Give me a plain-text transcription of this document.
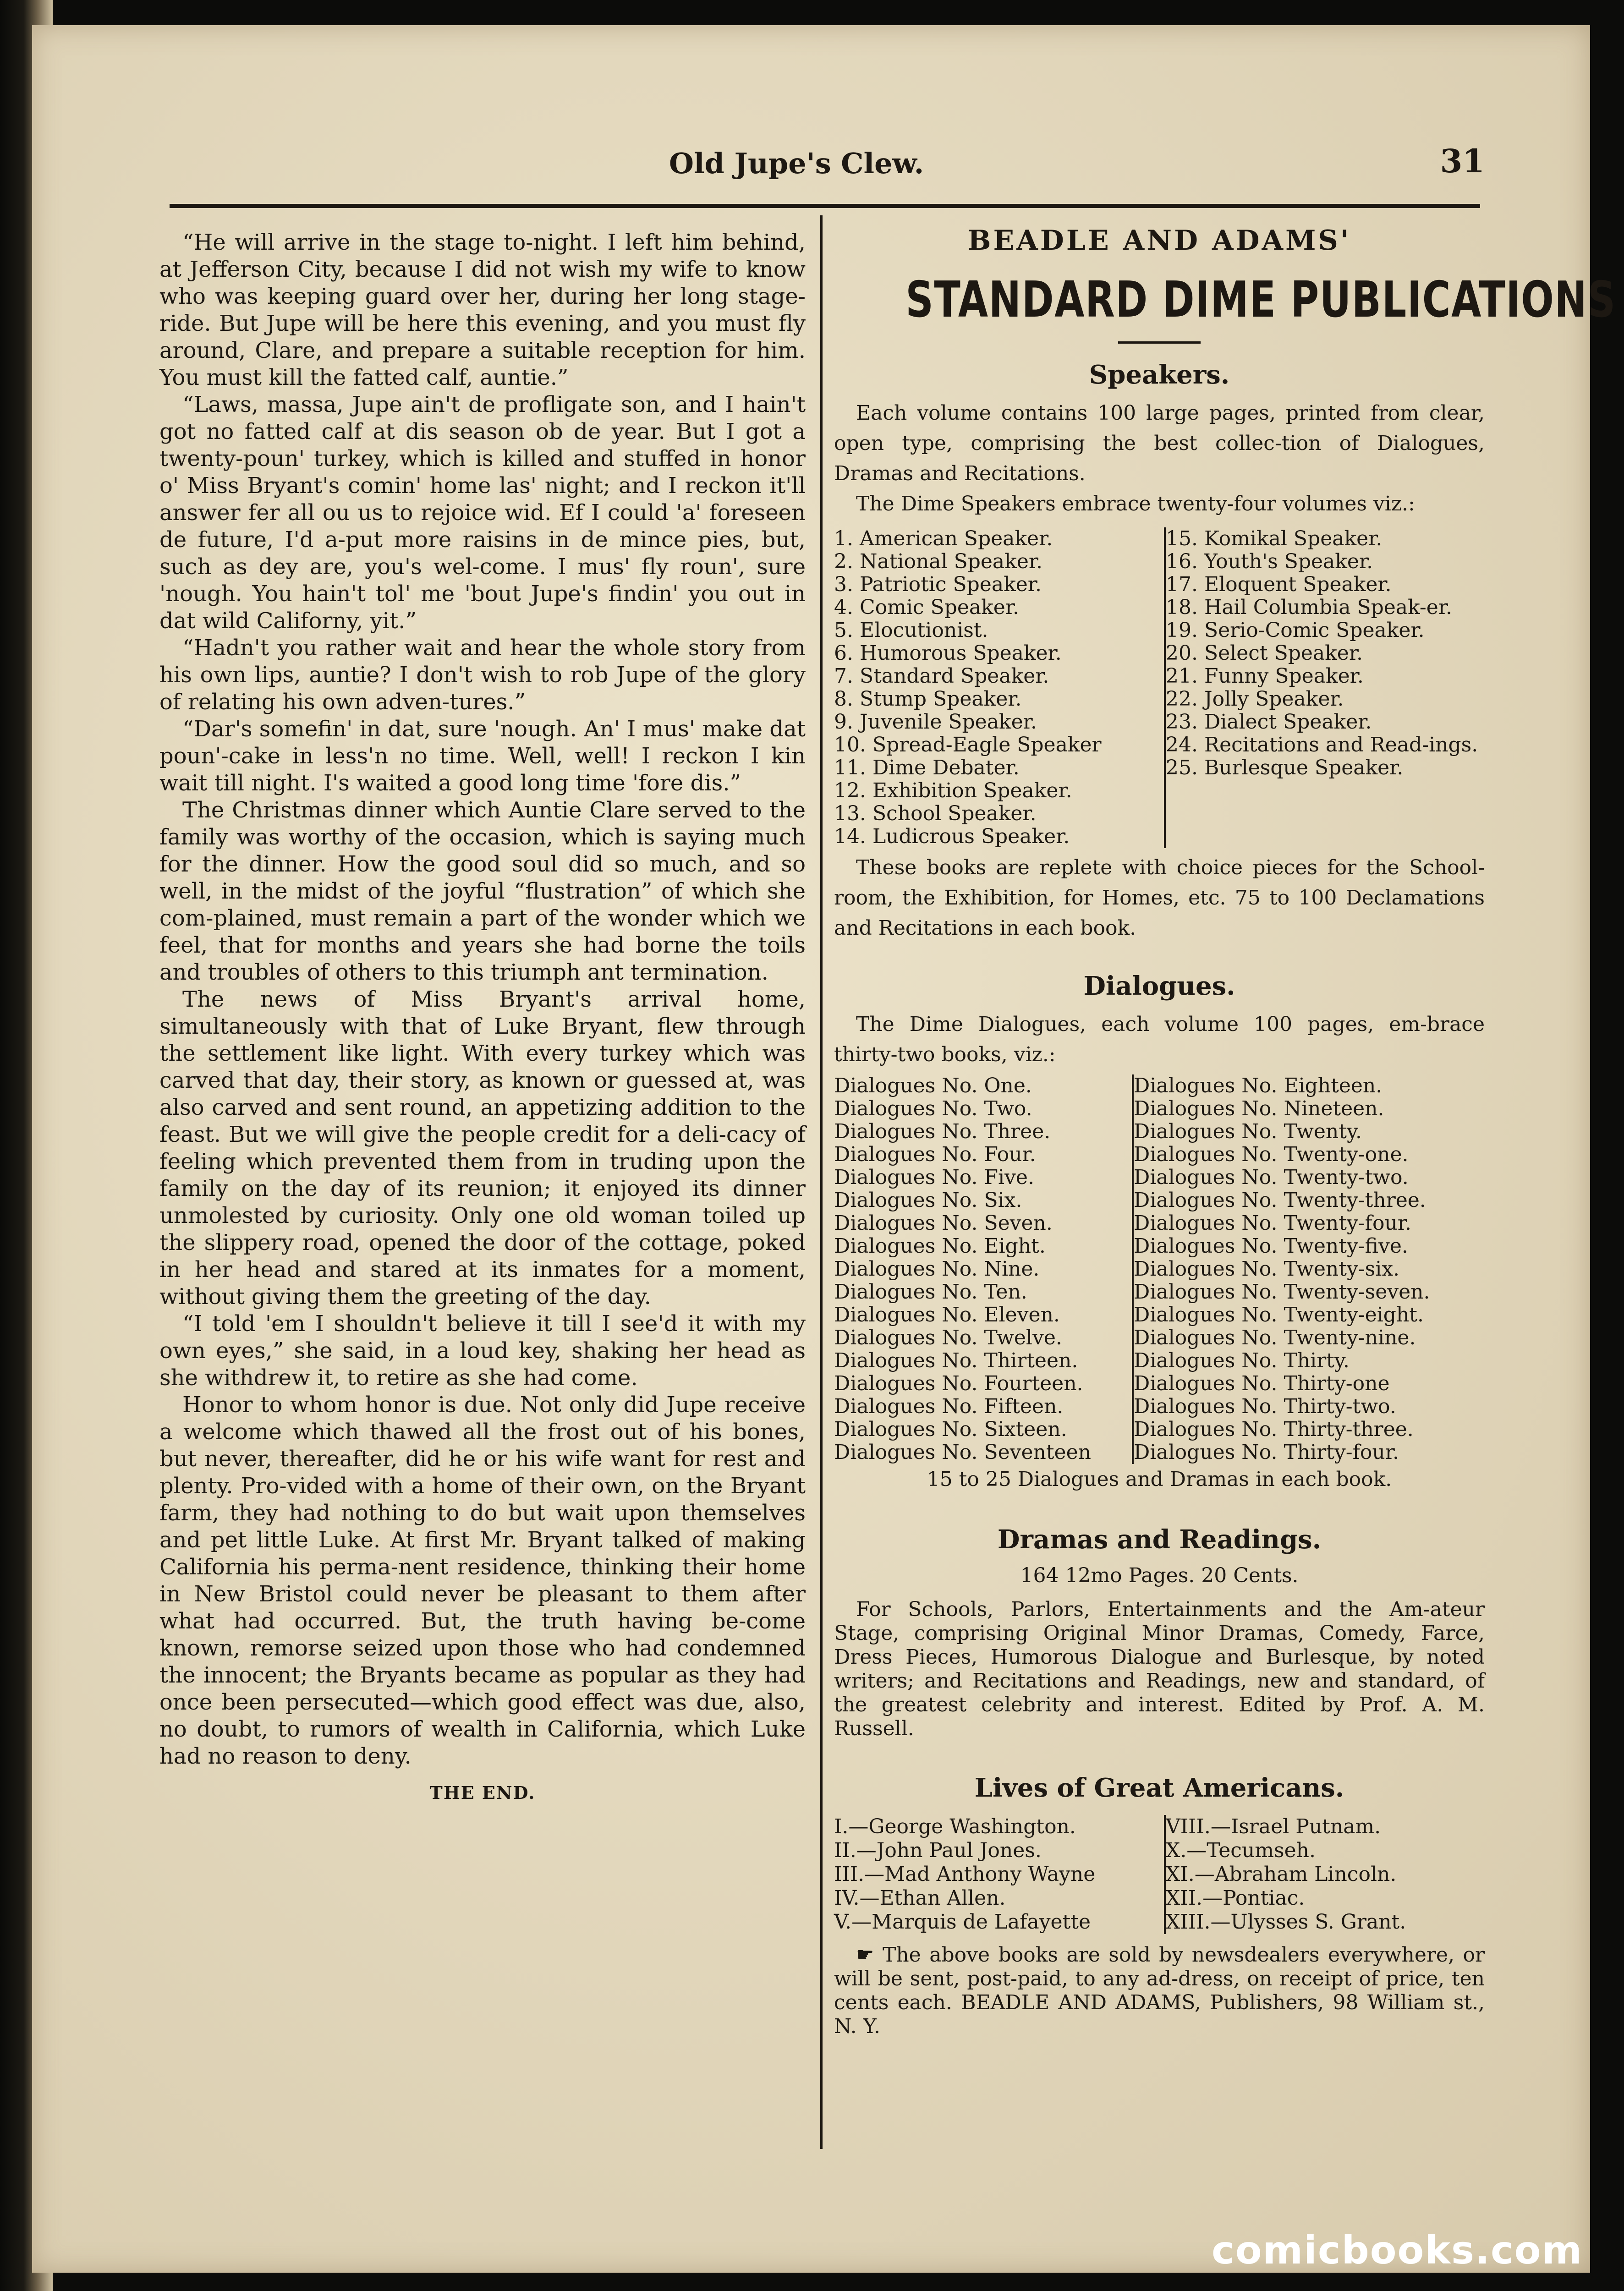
Old Jupe's Clew.	31

“He will arrive in the stage to-night. I left him behind, at Jefferson City, because I did not wish my wife to know who was keeping guard over her, during her long stage-ride. But Jupe will be here this evening, and you must fly around, Clare, and prepare a suitable reception for him. You must kill the fatted calf, auntie.”

“Laws, massa, Jupe ain't de profligate son, and I hain't got no fatted calf at dis season ob de year. But I got a twenty-poun' turkey, which is killed and stuffed in honor o' Miss Bryant's comin' home las' night; and I reckon it'll answer fer all ou us to rejoice wid. Ef I could 'a' foreseen de future, I'd a-put more raisins in de mince pies, but, such as dey are, you's wel-come. I mus' fly roun', sure 'nough. You hain't tol' me 'bout Jupe's findin' you out in dat wild Californy, yit.”

“Hadn't you rather wait and hear the whole story from his own lips, auntie? I don't wish to rob Jupe of the glory of relating his own adven-tures.”

“Dar's somefin' in dat, sure 'nough. An' I mus' make dat poun'-cake in less'n no time. Well, well! I reckon I kin wait till night. I's waited a good long time 'fore dis.”

The Christmas dinner which Auntie Clare served to the family was worthy of the occasion, which is saying much for the dinner. How the good soul did so much, and so well, in the midst of the joyful “flustration” of which she com-plained, must remain a part of the wonder which we feel, that for months and years she had borne the toils and troubles of others to this triumph ant termination.

The news of Miss Bryant's arrival home, simultaneously with that of Luke Bryant, flew through the settlement like light. With every turkey which was carved that day, their story, as known or guessed at, was also carved and sent round, an appetizing addition to the feast. But we will give the people credit for a deli-cacy of feeling which prevented them from in truding upon the family on the day of its reunion; it enjoyed its dinner unmolested by curiosity. Only one old woman toiled up the slippery road, opened the door of the cottage, poked in her head and stared at its inmates for a moment, without giving them the greeting of the day.

“I told 'em I shouldn't believe it till I see'd it with my own eyes,” she said, in a loud key, shaking her head as she withdrew it, to retire as she had come.

Honor to whom honor is due. Not only did Jupe receive a welcome which thawed all the frost out of his bones, but never, thereafter, did he or his wife want for rest and plenty. Pro-vided with a home of their own, on the Bryant farm, they had nothing to do but wait upon themselves and pet little Luke. At first Mr. Bryant talked of making California his perma-nent residence, thinking their home in New Bristol could never be pleasant to them after what had occurred. But, the truth having be-come known, remorse seized upon those who had condemned the innocent; the Bryants became as popular as they had once been persecuted—which good effect was due, also, no doubt, to rumors of wealth in California, which Luke had no reason to deny.

THE END.

BEADLE AND ADAMS'
STANDARD DIME PUBLICATIONS
Speakers.

Each volume contains 100 large pages, printed from clear, open type, comprising the best collec-tion of Dialogues, Dramas and Recitations.

The Dime Speakers embrace twenty-four volumes viz.:

1. American Speaker.
2. National Speaker.
3. Patriotic Speaker.
4. Comic Speaker.
5. Elocutionist.
6. Humorous Speaker.
7. Standard Speaker.
8. Stump Speaker.
9. Juvenile Speaker.
10. Spread-Eagle Speaker
11. Dime Debater.
12. Exhibition Speaker.
13. School Speaker.
14. Ludicrous Speaker.
15. Komikal Speaker.
16. Youth's Speaker.
17. Eloquent Speaker.
18. Hail Columbia Speak-er.
19. Serio-Comic Speaker.
20. Select Speaker.
21. Funny Speaker.
22. Jolly Speaker.
23. Dialect Speaker.
24. Recitations and Read-ings.
25. Burlesque Speaker.

These books are replete with choice pieces for the School-room, the Exhibition, for Homes, etc. 75 to 100 Declamations and Recitations in each book.

Dialogues.

The Dime Dialogues, each volume 100 pages, em-brace thirty-two books, viz.:

Dialogues No. One.
Dialogues No. Two.
Dialogues No. Three.
Dialogues No. Four.
Dialogues No. Five.
Dialogues No. Six.
Dialogues No. Seven.
Dialogues No. Eight.
Dialogues No. Nine.
Dialogues No. Ten.
Dialogues No. Eleven.
Dialogues No. Twelve.
Dialogues No. Thirteen.
Dialogues No. Fourteen.
Dialogues No. Fifteen.
Dialogues No. Sixteen.
Dialogues No. Seventeen
Dialogues No. Eighteen.
Dialogues No. Nineteen.
Dialogues No. Twenty.
Dialogues No. Twenty-one.
Dialogues No. Twenty-two.
Dialogues No. Twenty-three.
Dialogues No. Twenty-four.
Dialogues No. Twenty-five.
Dialogues No. Twenty-six.
Dialogues No. Twenty-seven.
Dialogues No. Twenty-eight.
Dialogues No. Twenty-nine.
Dialogues No. Thirty.
Dialogues No. Thirty-one
Dialogues No. Thirty-two.
Dialogues No. Thirty-three.
Dialogues No. Thirty-four.

15 to 25 Dialogues and Dramas in each book.

Dramas and Readings.

164 12mo Pages. 20 Cents.

For Schools, Parlors, Entertainments and the Am-ateur Stage, comprising Original Minor Dramas, Comedy, Farce, Dress Pieces, Humorous Dialogue and Burlesque, by noted writers; and Recitations and Readings, new and standard, of the greatest celebrity and interest. Edited by Prof. A. M. Russell.

Lives of Great Americans.
I.—George Washington.
II.—John Paul Jones.
III.—Mad Anthony Wayne
IV.—Ethan Allen.
V.—Marquis de Lafayette
VIII.—Israel Putnam.
X.—Tecumseh.
XI.—Abraham Lincoln.
XII.—Pontiac.
XIII.—Ulysses S. Grant.

☛ The above books are sold by newsdealers everywhere, or will be sent, post-paid, to any ad-dress, on receipt of price, ten cents each. BEADLE AND ADAMS, Publishers, 98 William st., N. Y.

comicbooks.com
